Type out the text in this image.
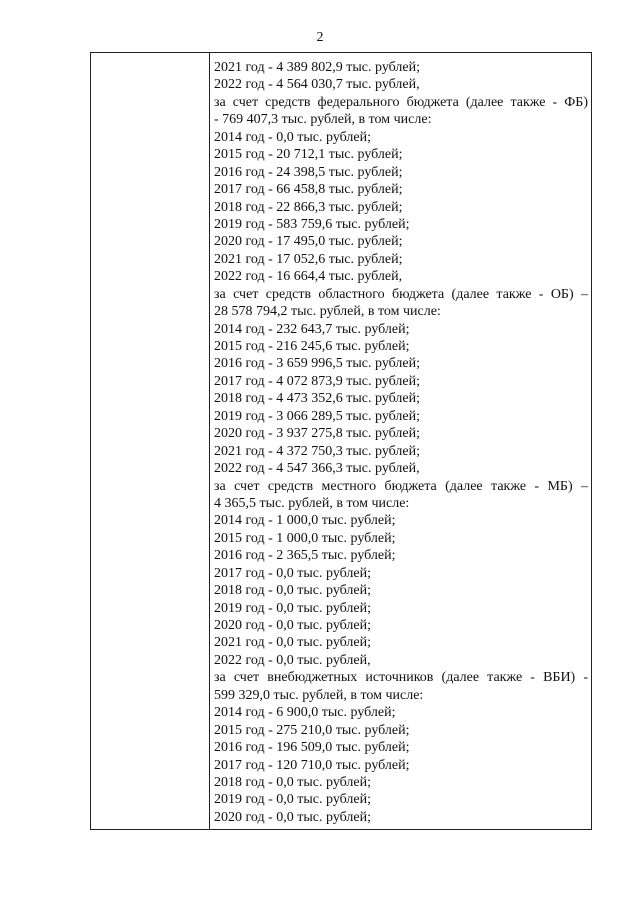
2
2021 год - 4 389 802,9 тыс. рублей;
2022 год - 4 564 030,7 тыс. рублей,
за счет средств федерального бюджета (далее также - ФБ)
- 769 407,3 тыс. рублей, в том числе:
2014 год - 0,0 тыс. рублей;
2015 год - 20 712,1 тыс. рублей;
2016 год - 24 398,5 тыс. рублей;
2017 год - 66 458,8 тыс. рублей;
2018 год - 22 866,3 тыс. рублей;
2019 год - 583 759,6 тыс. рублей;
2020 год - 17 495,0 тыс. рублей;
2021 год - 17 052,6 тыс. рублей;
2022 год - 16 664,4 тыс. рублей,
за счет средств областного бюджета (далее также - ОБ) –
28 578 794,2 тыс. рублей, в том числе:
2014 год - 232 643,7 тыс. рублей;
2015 год - 216 245,6 тыс. рублей;
2016 год - 3 659 996,5 тыс. рублей;
2017 год - 4 072 873,9 тыс. рублей;
2018 год - 4 473 352,6 тыс. рублей;
2019 год - 3 066 289,5 тыс. рублей;
2020 год - 3 937 275,8 тыс. рублей;
2021 год - 4 372 750,3 тыс. рублей;
2022 год - 4 547 366,3 тыс. рублей,
за счет средств местного бюджета (далее также - МБ) –
4 365,5 тыс. рублей, в том числе:
2014 год - 1 000,0 тыс. рублей;
2015 год - 1 000,0 тыс. рублей;
2016 год - 2 365,5 тыс. рублей;
2017 год - 0,0 тыс. рублей;
2018 год - 0,0 тыс. рублей;
2019 год - 0,0 тыс. рублей;
2020 год - 0,0 тыс. рублей;
2021 год - 0,0 тыс. рублей;
2022 год - 0,0 тыс. рублей,
за счет внебюджетных источников (далее также - ВБИ) -
599 329,0 тыс. рублей, в том числе:
2014 год - 6 900,0 тыс. рублей;
2015 год - 275 210,0 тыс. рублей;
2016 год - 196 509,0 тыс. рублей;
2017 год - 120 710,0 тыс. рублей;
2018 год - 0,0 тыс. рублей;
2019 год - 0,0 тыс. рублей;
2020 год - 0,0 тыс. рублей;
